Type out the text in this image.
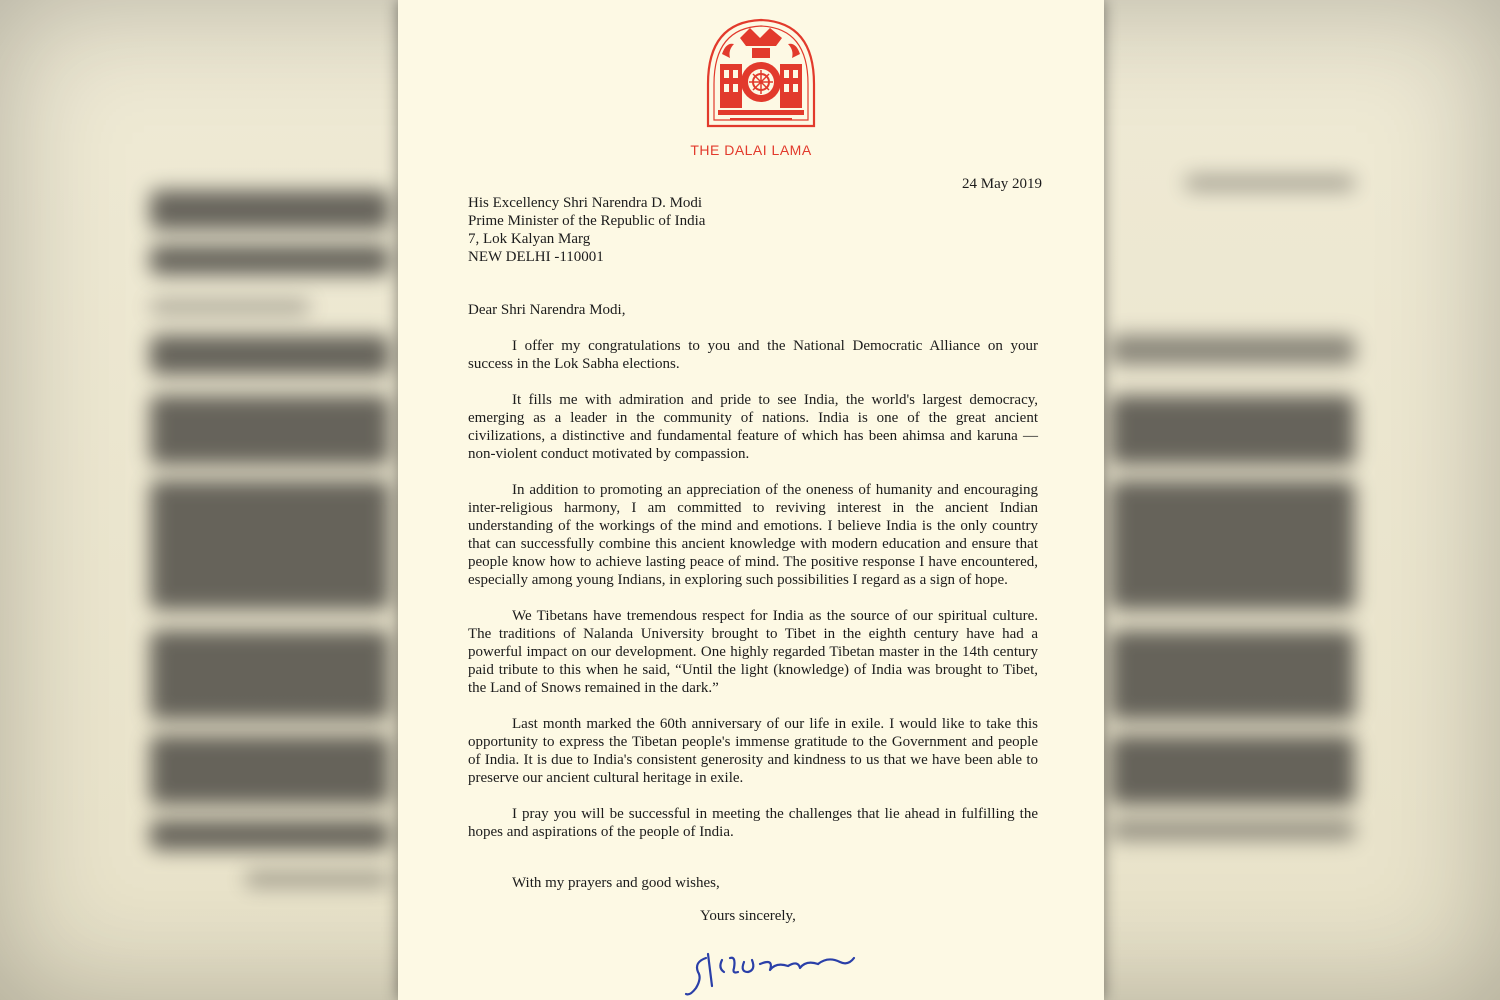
THE DALAI LAMA
24 May 2019
His Excellency Shri Narendra D. Modi
Prime Minister of the Republic of India
7, Lok Kalyan Marg
NEW DELHI -110001
Dear Shri Narendra Modi,

I offer my congratulations to you and the National Democratic Alliance on your success in the Lok Sabha elections.

It fills me with admiration and pride to see India, the world's largest democracy, emerging as a leader in the community of nations. India is one of the great ancient civilizations, a distinctive and fundamental feature of which has been ahimsa and karuna — non-violent conduct motivated by compassion.

In addition to promoting an appreciation of the oneness of humanity and encouraging inter-religious harmony, I am committed to reviving interest in the ancient Indian understanding of the workings of the mind and emotions. I believe India is the only country that can successfully combine this ancient knowledge with modern education and ensure that people know how to achieve lasting peace of mind. The positive response I have encountered, especially among young Indians, in exploring such possibilities I regard as a sign of hope.

We Tibetans have tremendous respect for India as the source of our spiritual culture. The traditions of Nalanda University brought to Tibet in the eighth century have had a powerful impact on our development. One highly regarded Tibetan master in the 14th century paid tribute to this when he said, “Until the light (knowledge) of India was brought to Tibet, the Land of Snows remained in the dark.”

Last month marked the 60th anniversary of our life in exile. I would like to take this opportunity to express the Tibetan people's immense gratitude to the Government and people of India. It is due to India's consistent generosity and kindness to us that we have been able to preserve our ancient cultural heritage in exile.

I pray you will be successful in meeting the challenges that lie ahead in fulfilling the hopes and aspirations of the people of India.

With my prayers and good wishes,
Yours sincerely,
